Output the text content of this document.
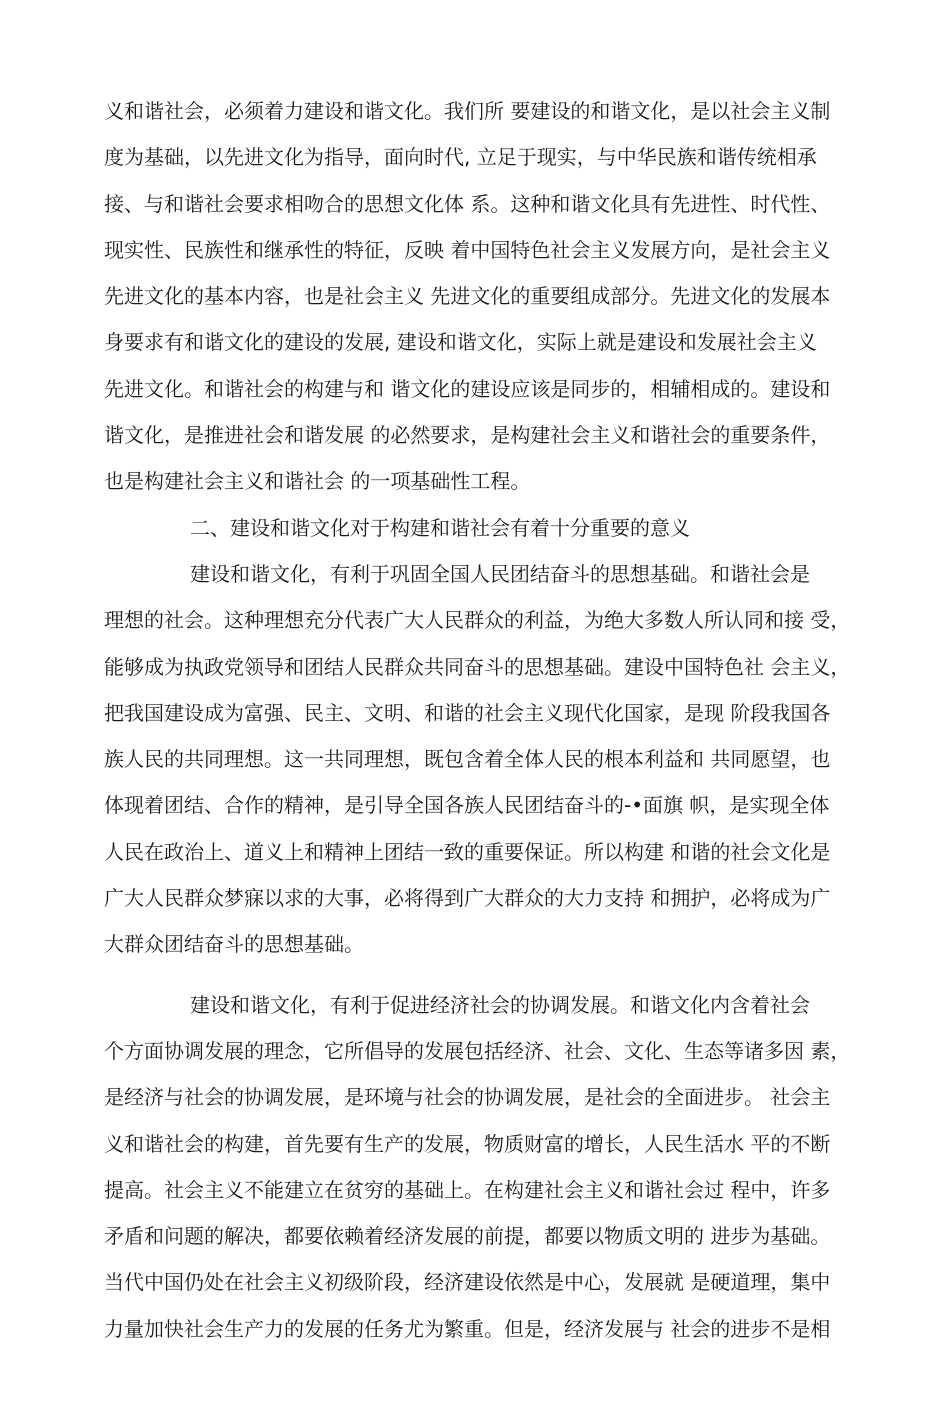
义和谐社会，必须着力建设和谐文化。我们所 要建设的和谐文化，是以社会主义制
度为基础，以先进文化为指导，面向时代, 立足于现实，与中华民族和谐传统相承
接、与和谐社会要求相吻合的思想文化体 系。这种和谐文化具有先进性、时代性、
现实性、民族性和继承性的特征，反映 着中国特色社会主义发展方向，是社会主义
先进文化的基本内容，也是社会主义 先进文化的重要组成部分。先进文化的发展本
身要求有和谐文化的建设的发展, 建设和谐文化，实际上就是建设和发展社会主义
先进文化。和谐社会的构建与和 谐文化的建设应该是同步的，相辅相成的。建设和
谐文化，是推进社会和谐发展 的必然要求，是构建社会主义和谐社会的重要条件，
也是构建社会主义和谐社会 的一项基础性工程。
二、建设和谐文化对于构建和谐社会有着十分重要的意义
建设和谐文化，有利于巩固全国人民团结奋斗的思想基础。和谐社会是
理想的社会。这种理想充分代表广大人民群众的利益，为绝大多数人所认同和接 受，
能够成为执政党领导和团结人民群众共同奋斗的思想基础。建设中国特色社 会主义，
把我国建设成为富强、民主、文明、和谐的社会主义现代化国家，是现 阶段我国各
族人民的共同理想。这一共同理想，既包含着全体人民的根本利益和 共同愿望，也
体现着团结、合作的精神，是引导全国各族人民团结奋斗的-•面旗 帜，是实现全体
人民在政治上、道义上和精神上团结一致的重要保证。所以构建 和谐的社会文化是
广大人民群众梦寐以求的大事，必将得到广大群众的大力支持 和拥护，必将成为广
大群众团结奋斗的思想基础。
建设和谐文化，有利于促进经济社会的协调发展。和谐文化内含着社会
个方面协调发展的理念，它所倡导的发展包括经济、社会、文化、生态等诸多因 素，
是经济与社会的协调发展，是环境与社会的协调发展，是社会的全面进步。 社会主
义和谐社会的构建，首先要有生产的发展，物质财富的增长，人民生活水 平的不断
提高。社会主义不能建立在贫穷的基础上。在构建社会主义和谐社会过 程中，许多
矛盾和问题的解决，都要依赖着经济发展的前提，都要以物质文明的 进步为基础。
当代中国仍处在社会主义初级阶段，经济建设依然是中心，发展就 是硬道理，集中
力量加快社会生产力的发展的任务尤为繁重。但是，经济发展与 社会的进步不是相
